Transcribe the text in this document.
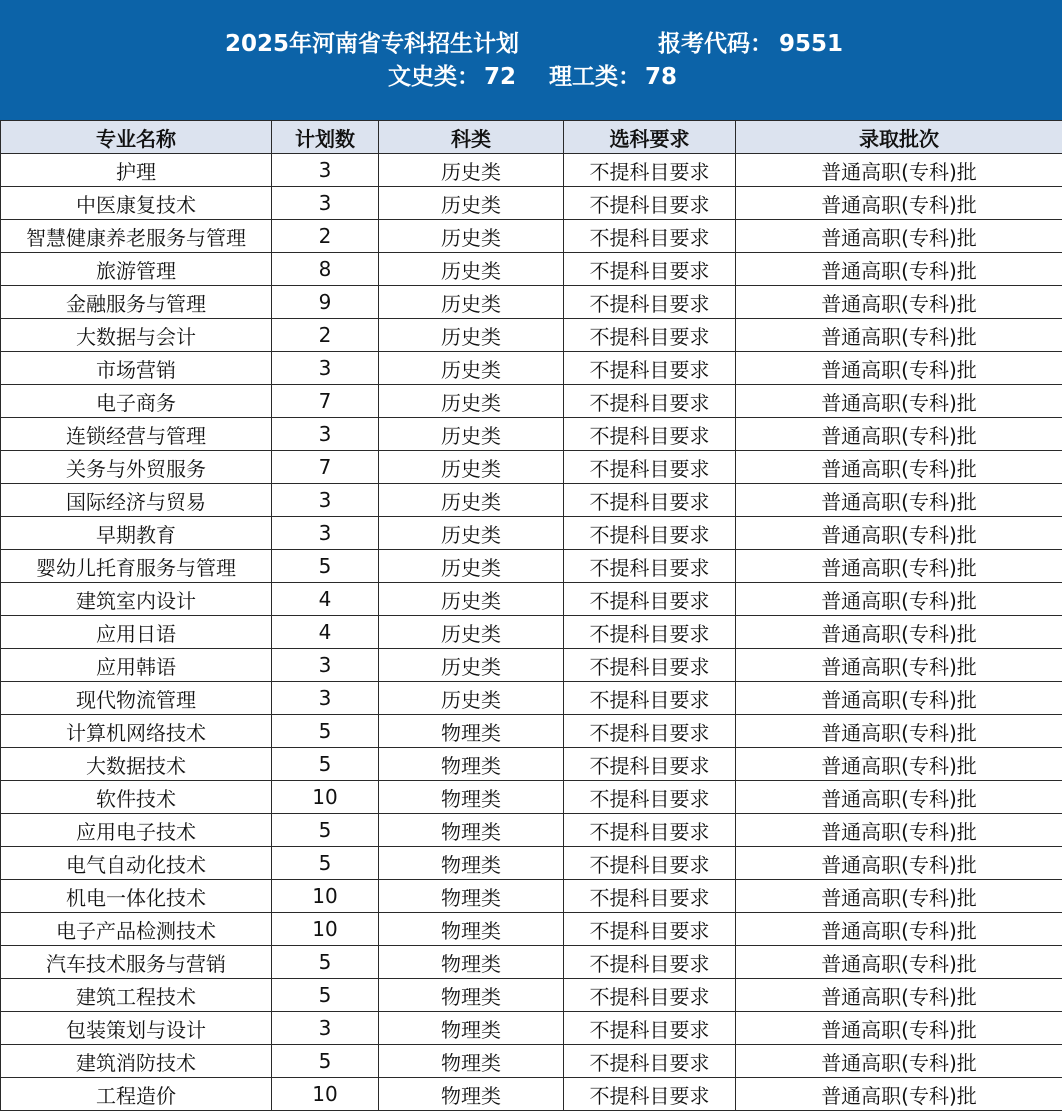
2025年河南省专科招生计划	报考代码： 9551
文史类： 72 理工类： 78
专业名称	计划数	科类	选科要求	录取批次
护理	3	历史类	不提科目要求	普通高职(专科)批
中医康复技术	3	历史类	不提科目要求	普通高职(专科)批
智慧健康养老服务与管理	2	历史类	不提科目要求	普通高职(专科)批
旅游管理	8	历史类	不提科目要求	普通高职(专科)批
金融服务与管理	9	历史类	不提科目要求	普通高职(专科)批
大数据与会计	2	历史类	不提科目要求	普通高职(专科)批
市场营销	3	历史类	不提科目要求	普通高职(专科)批
电子商务	7	历史类	不提科目要求	普通高职(专科)批
连锁经营与管理	3	历史类	不提科目要求	普通高职(专科)批
关务与外贸服务	7	历史类	不提科目要求	普通高职(专科)批
国际经济与贸易	3	历史类	不提科目要求	普通高职(专科)批
早期教育	3	历史类	不提科目要求	普通高职(专科)批
婴幼儿托育服务与管理	5	历史类	不提科目要求	普通高职(专科)批
建筑室内设计	4	历史类	不提科目要求	普通高职(专科)批
应用日语	4	历史类	不提科目要求	普通高职(专科)批
应用韩语	3	历史类	不提科目要求	普通高职(专科)批
现代物流管理	3	历史类	不提科目要求	普通高职(专科)批
计算机网络技术	5	物理类	不提科目要求	普通高职(专科)批
大数据技术	5	物理类	不提科目要求	普通高职(专科)批
软件技术	10	物理类	不提科目要求	普通高职(专科)批
应用电子技术	5	物理类	不提科目要求	普通高职(专科)批
电气自动化技术	5	物理类	不提科目要求	普通高职(专科)批
机电一体化技术	10	物理类	不提科目要求	普通高职(专科)批
电子产品检测技术	10	物理类	不提科目要求	普通高职(专科)批
汽车技术服务与营销	5	物理类	不提科目要求	普通高职(专科)批
建筑工程技术	5	物理类	不提科目要求	普通高职(专科)批
包装策划与设计	3	物理类	不提科目要求	普通高职(专科)批
建筑消防技术	5	物理类	不提科目要求	普通高职(专科)批
工程造价	10	物理类	不提科目要求	普通高职(专科)批
